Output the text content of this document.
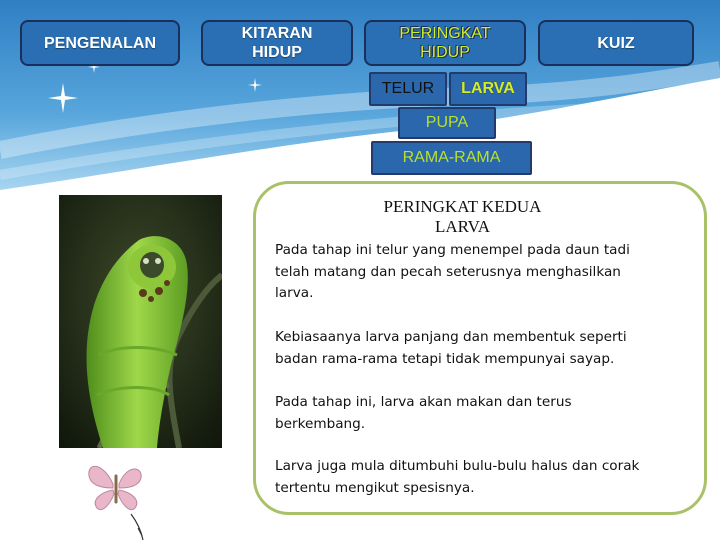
PENGENALAN
KITARAN
HIDUP
PERINGKAT
HIDUP
KUIZ
TELUR LARVA
PUPA
RAMA-RAMA
PERINGKAT KEDUA
LARVA
Pada tahap ini telur yang menempel pada daun tadi telah matang dan pecah seterusnya menghasilkan larva.
Kebiasaanya larva panjang dan membentuk seperti badan rama-rama tetapi tidak mempunyai sayap.
Pada tahap ini, larva akan makan dan terus berkembang.
Larva juga mula ditumbuhi bulu-bulu halus dan corak tertentu mengikut spesisnya.
